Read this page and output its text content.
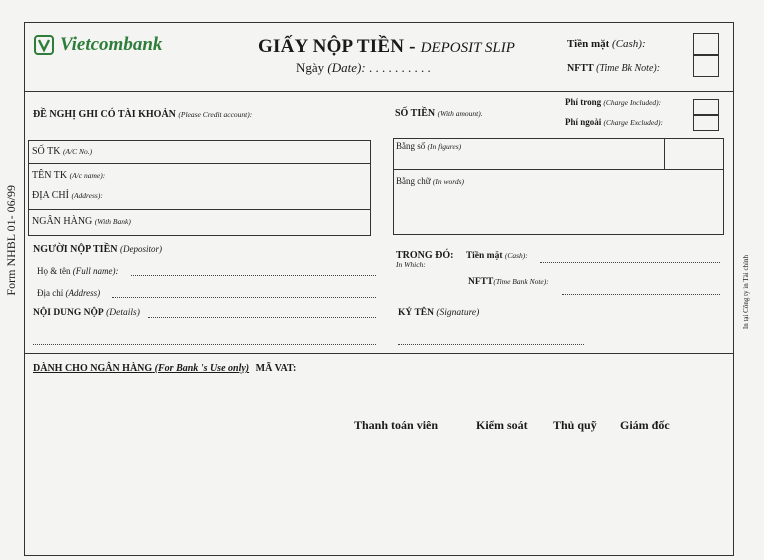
Form NHBL 01- 06/99	In tại Công ty in Tài chính
Vietcombank	GIẤY NỘP TIỀN - DEPOSIT SLIP
Ngày (Date): . . . . . . . . . .
Tiền mặt (Cash):
NFTT (Time Bk Note):
ĐỀ NGHỊ GHI CÓ TÀI KHOẢN (Please Credit account):
SỐ TK (A/C No.)
TÊN TK (A/c name):
ĐỊA CHỈ (Address):
NGÂN HÀNG (With Bank)
SỐ TIỀN (With amount).
Phí trong (Charge Included):
Phí ngoài (Charge Excluded):
Bằng số (In figures)
Bằng chữ (In words)
NGƯỜI NỘP TIỀN (Depositor)
Họ & tên (Full name):
Địa chỉ (Address)
NỘI DUNG NỘP (Details)
TRONG ĐÓ:
In Which:
Tiền mặt (Cash):
NFTT(Time Bank Note):
KÝ TÊN (Signature)
DÀNH CHO NGÂN HÀNG (For Bank 's Use only) MÃ VAT:
Thanh toán viên	Kiểm soát Thủ quỹ Giám đốc
